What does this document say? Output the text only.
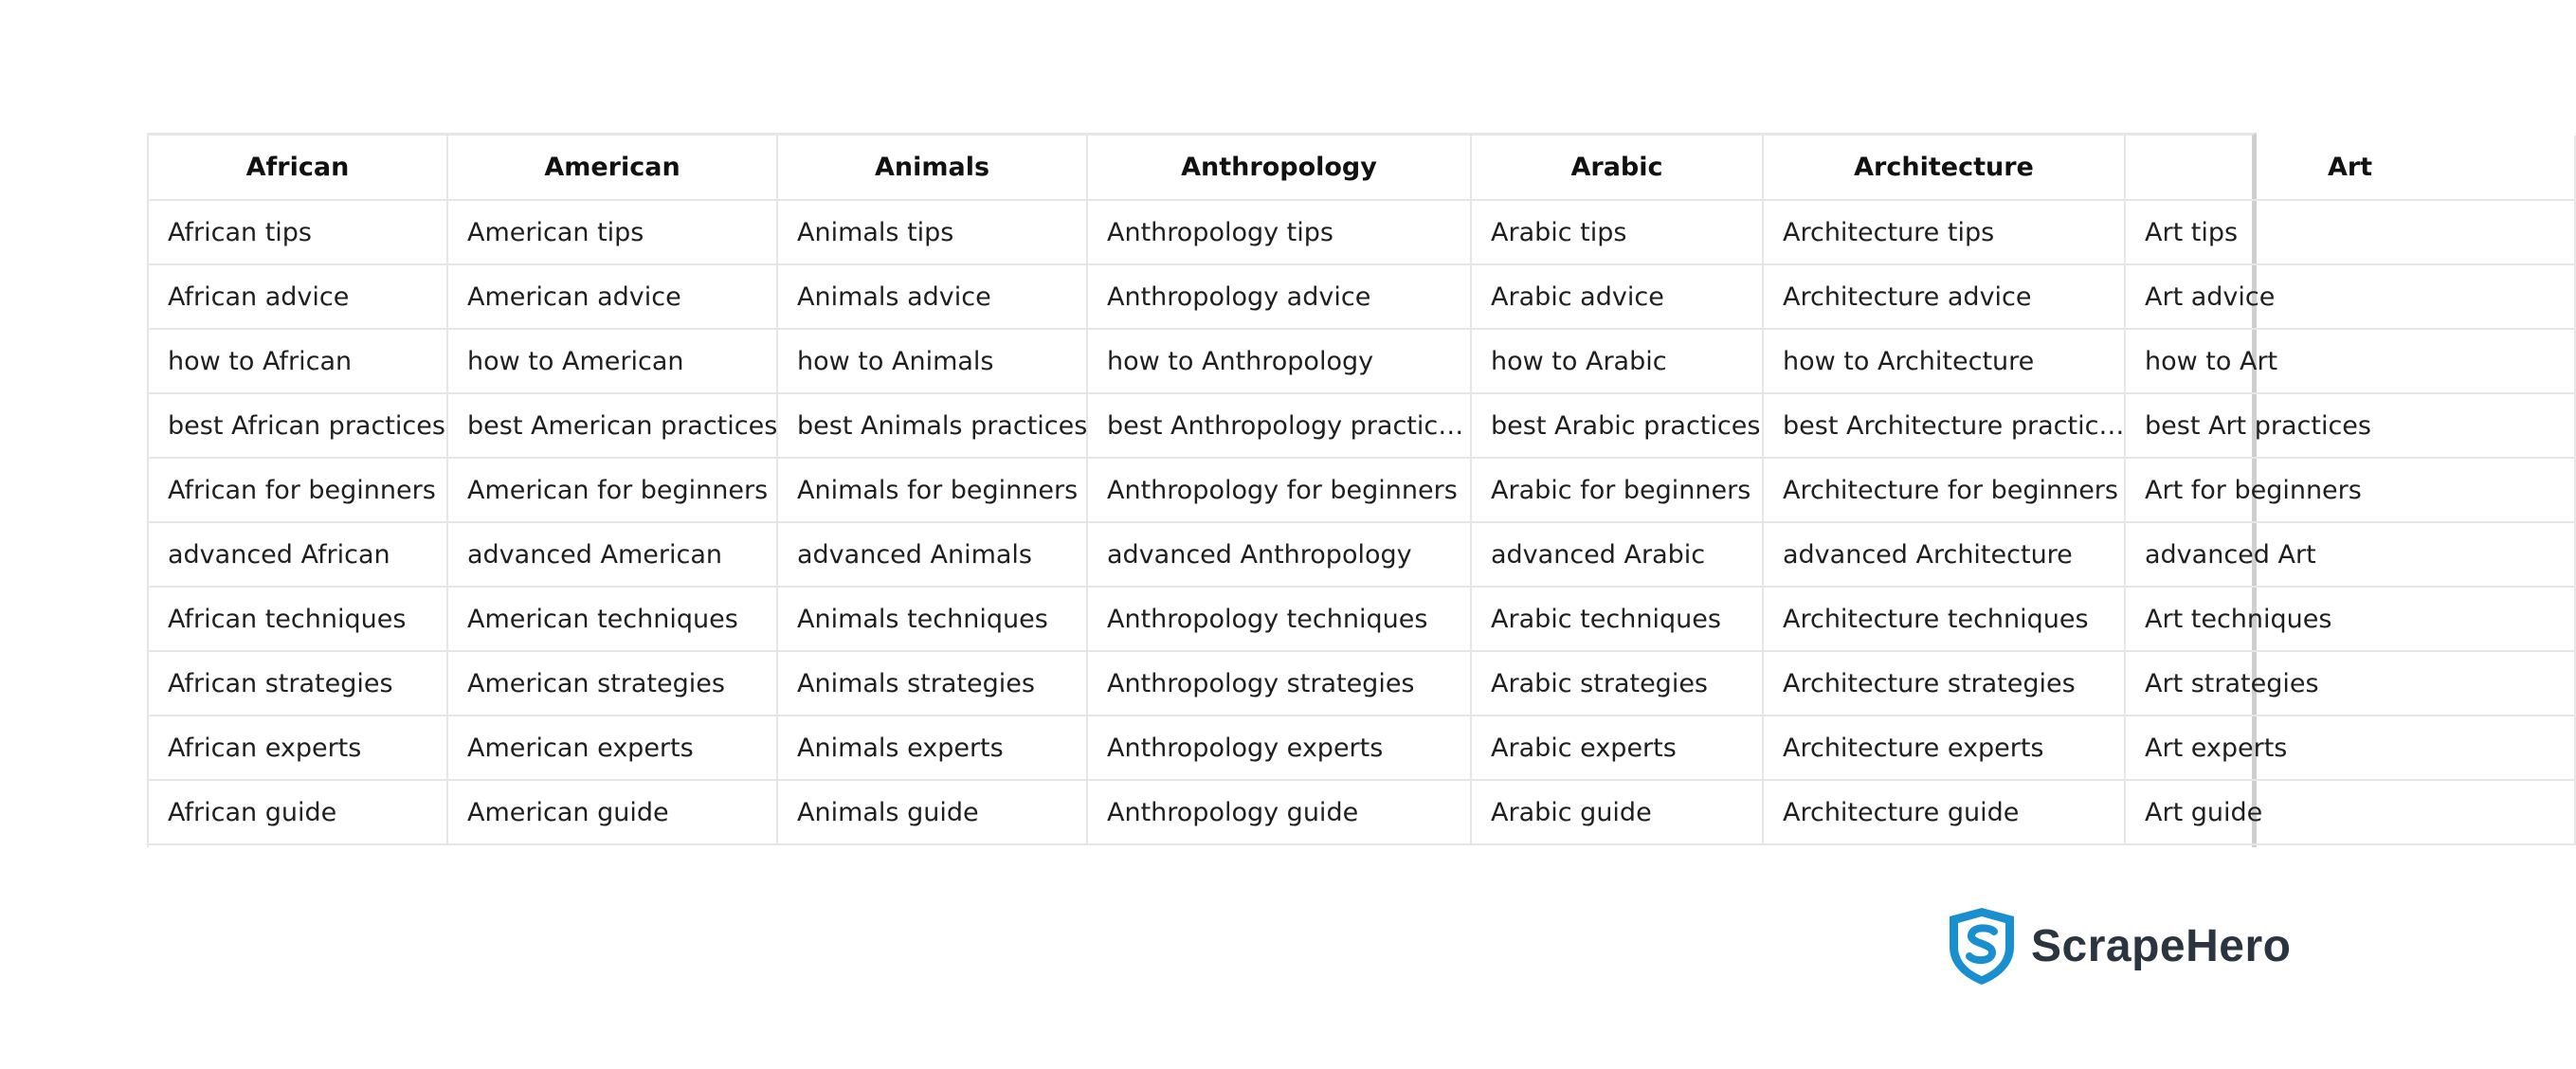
African	American	Animals	Anthropology	Arabic	Architecture	Art
African tips	American tips	Animals tips	Anthropology tips	Arabic tips	Architecture tips	Art tips
African advice	American advice	Animals advice	Anthropology advice	Arabic advice	Architecture advice	Art advice
how to African	how to American	how to Animals	how to Anthropology	how to Arabic	how to Architecture	how to Art
best African practices	best American practices	best Animals practices	best Anthropology practic…	best Arabic practices	best Architecture practic…	best Art practices
African for beginners	American for beginners	Animals for beginners	Anthropology for beginners	Arabic for beginners	Architecture for beginners	Art for beginners
advanced African	advanced American	advanced Animals	advanced Anthropology	advanced Arabic	advanced Architecture	advanced Art
African techniques	American techniques	Animals techniques	Anthropology techniques	Arabic techniques	Architecture techniques	Art techniques
African strategies	American strategies	Animals strategies	Anthropology strategies	Arabic strategies	Architecture strategies	Art strategies
African experts	American experts	Animals experts	Anthropology experts	Arabic experts	Architecture experts	Art experts
African guide	American guide	Animals guide	Anthropology guide	Arabic guide	Architecture guide	Art guide
ScrapeHero
